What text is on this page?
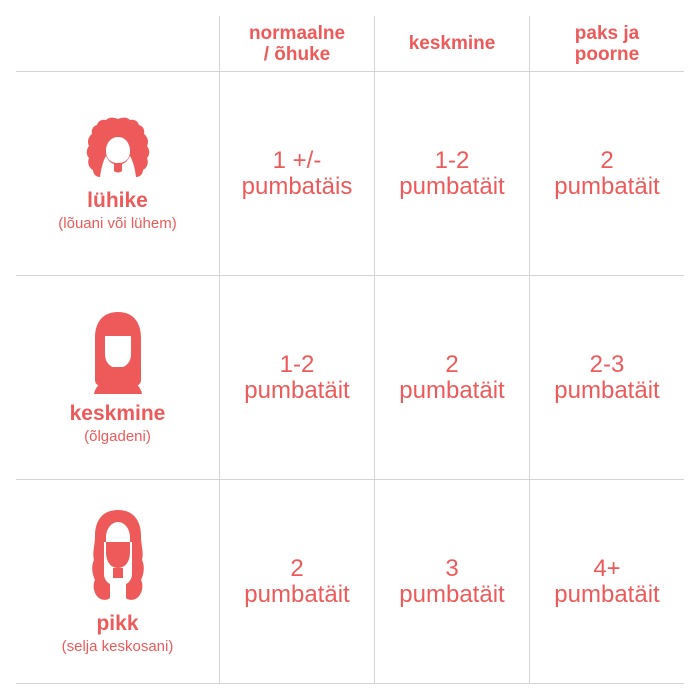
normaalne
/ õhuke	keskmine	paks ja
poorne
lühike
(lõuani või lühem)
1 +/-
pumbatäis
1-2
pumbatäit
2
pumbatäit
keskmine
(õlgadeni)
1-2
pumbatäit
2
pumbatäit
2-3
pumbatäit
pikk
(selja keskosani)
2
pumbatäit
3
pumbatäit
4+
pumbatäit
